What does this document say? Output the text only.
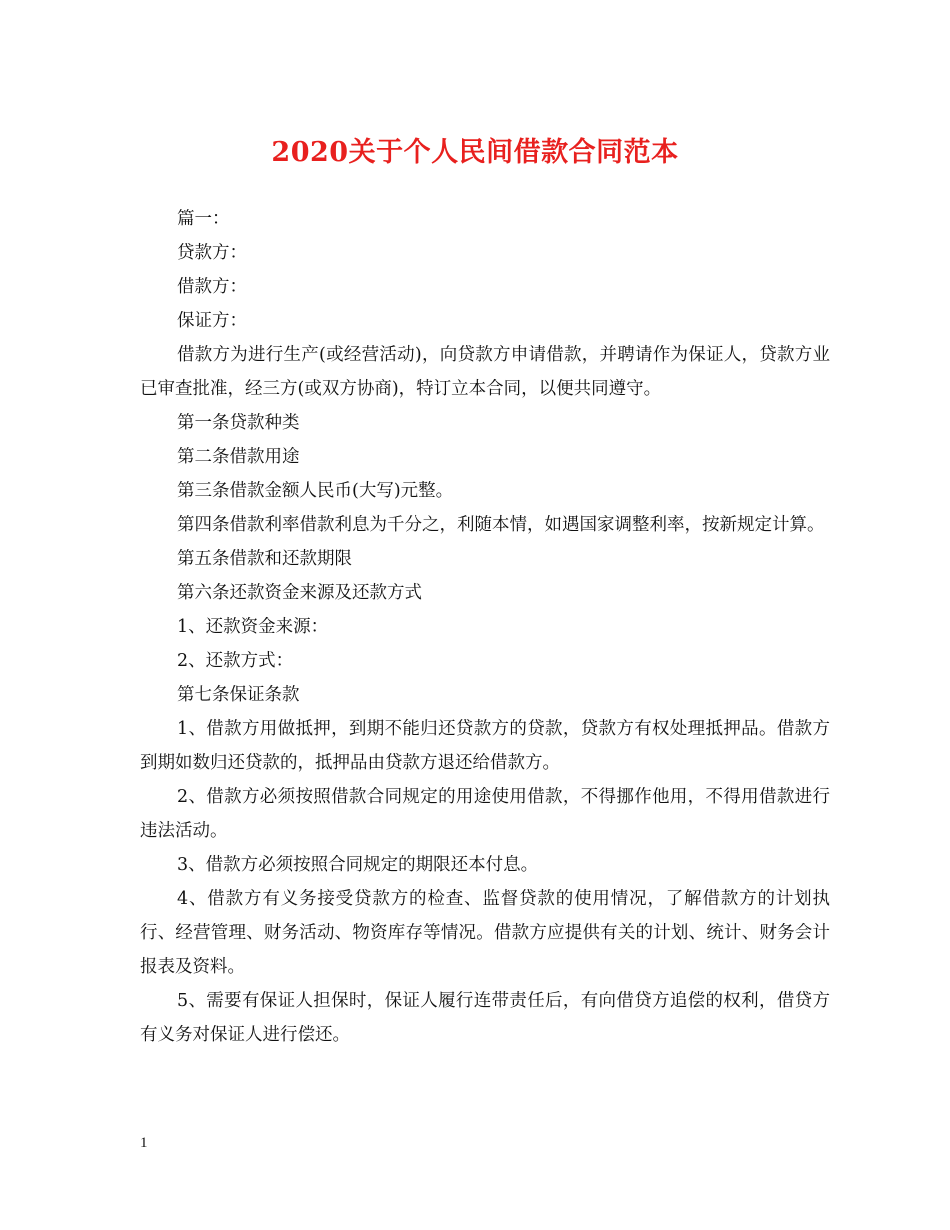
2020关于个人民间借款合同范本

篇一：

贷款方：

借款方：

保证方：

借款方为进行生产(或经营活动)，向贷款方申请借款，并聘请作为保证人，贷款方业已审查批准，经三方(或双方协商)，特订立本合同，以便共同遵守。

第一条贷款种类

第二条借款用途

第三条借款金额人民币(大写)元整。

第四条借款利率借款利息为千分之，利随本情，如遇国家调整利率，按新规定计算。

第五条借款和还款期限

第六条还款资金来源及还款方式

1、还款资金来源：

2、还款方式：

第七条保证条款

1、借款方用做抵押，到期不能归还贷款方的贷款，贷款方有权处理抵押品。借款方到期如数归还贷款的，抵押品由贷款方退还给借款方。

2、借款方必须按照借款合同规定的用途使用借款，不得挪作他用，不得用借款进行违法活动。

3、借款方必须按照合同规定的期限还本付息。

4、借款方有义务接受贷款方的检查、监督贷款的使用情况，了解借款方的计划执行、经营管理、财务活动、物资库存等情况。借款方应提供有关的计划、统计、财务会计报表及资料。

5、需要有保证人担保时，保证人履行连带责任后，有向借贷方追偿的权利，借贷方有义务对保证人进行偿还。

1
